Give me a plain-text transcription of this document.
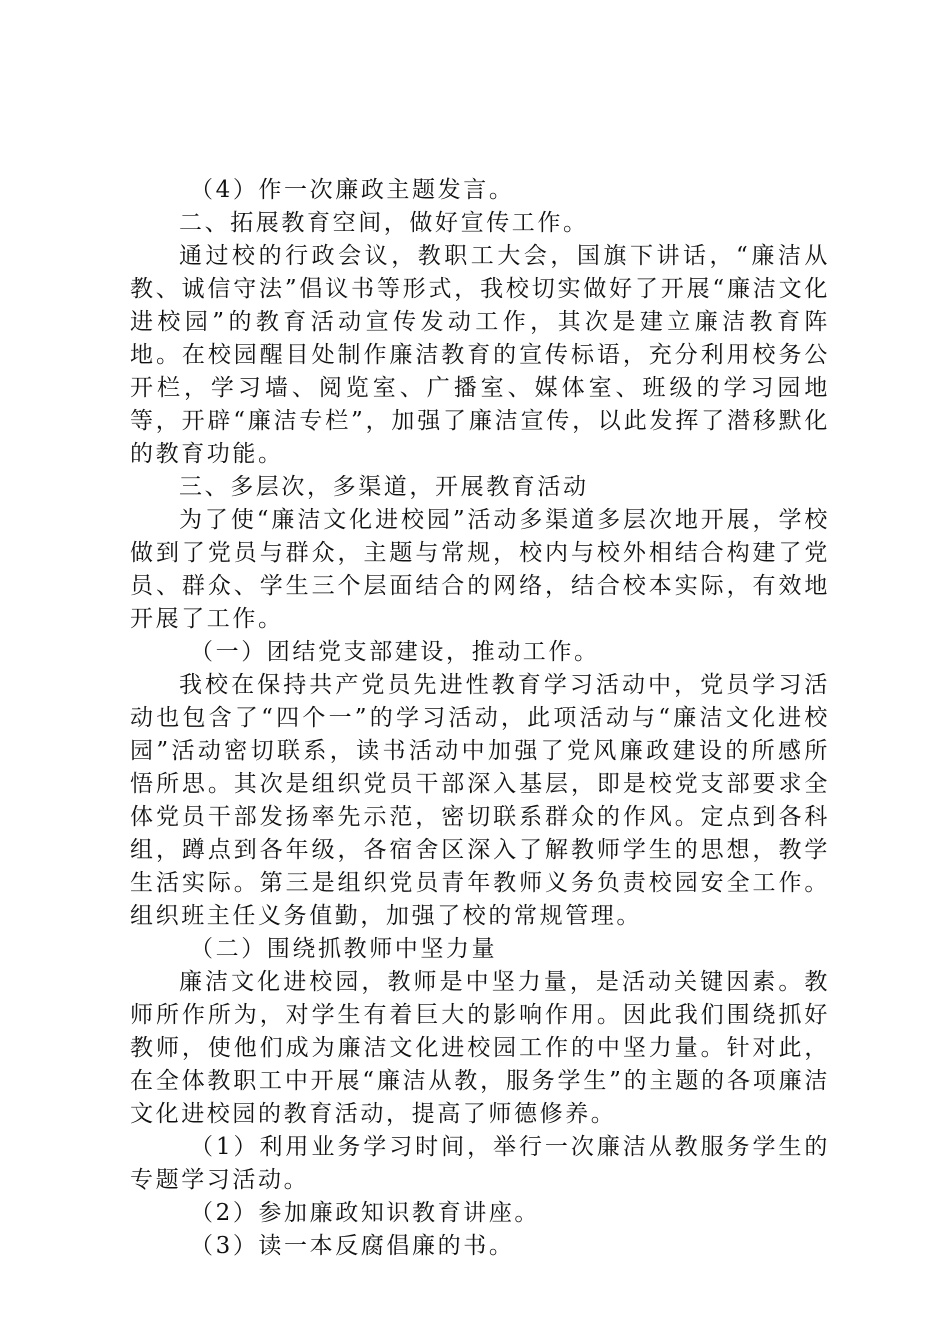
（4）作一次廉政主题发言。

二、拓展教育空间，做好宣传工作。

通过校的行政会议，教职工大会，国旗下讲话，“廉洁从教、诚信守法”倡议书等形式，我校切实做好了开展“廉洁文化进校园”的教育活动宣传发动工作，其次是建立廉洁教育阵地。在校园醒目处制作廉洁教育的宣传标语，充分利用校务公开栏，学习墙、阅览室、广播室、媒体室、班级的学习园地等，开辟“廉洁专栏”，加强了廉洁宣传，以此发挥了潜移默化的教育功能。

三、多层次，多渠道，开展教育活动

为了使“廉洁文化进校园”活动多渠道多层次地开展，学校做到了党员与群众，主题与常规，校内与校外相结合构建了党员、群众、学生三个层面结合的网络，结合校本实际，有效地开展了工作。

（一）团结党支部建设，推动工作。

我校在保持共产党员先进性教育学习活动中，党员学习活动也包含了“四个一”的学习活动，此项活动与“廉洁文化进校园”活动密切联系，读书活动中加强了党风廉政建设的所感所悟所思。其次是组织党员干部深入基层，即是校党支部要求全体党员干部发扬率先示范，密切联系群众的作风。定点到各科组，蹲点到各年级，各宿舍区深入了解教师学生的思想，教学生活实际。第三是组织党员青年教师义务负责校园安全工作。组织班主任义务值勤，加强了校的常规管理。

（二）围绕抓教师中坚力量

廉洁文化进校园，教师是中坚力量，是活动关键因素。教师所作所为，对学生有着巨大的影响作用。因此我们围绕抓好教师，使他们成为廉洁文化进校园工作的中坚力量。针对此，在全体教职工中开展“廉洁从教，服务学生”的主题的各项廉洁文化进校园的教育活动，提高了师德修养。

（1）利用业务学习时间，举行一次廉洁从教服务学生的专题学习活动。

（2）参加廉政知识教育讲座。

（3）读一本反腐倡廉的书。
